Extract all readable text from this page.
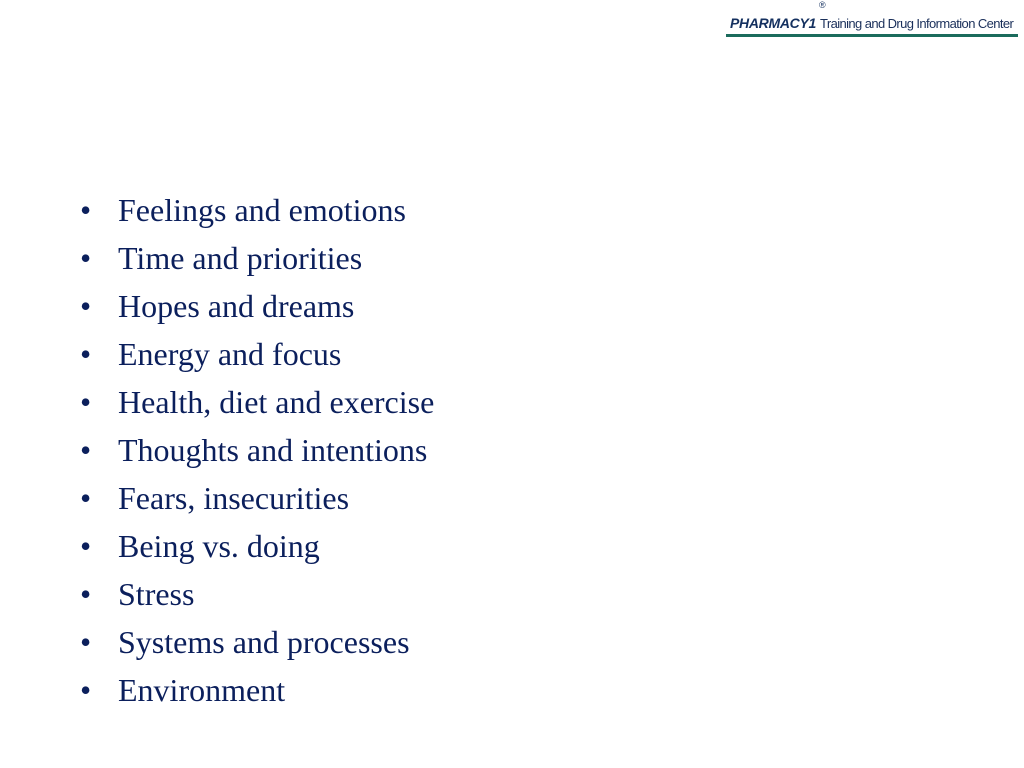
PHARMACY1
®
Training and Drug Information Center
• Feelings and emotions
• Time and priorities
• Hopes and dreams
• Energy and focus
• Health, diet and exercise
• Thoughts and intentions
• Fears, insecurities
• Being vs. doing
• Stress
• Systems and processes
• Environment
